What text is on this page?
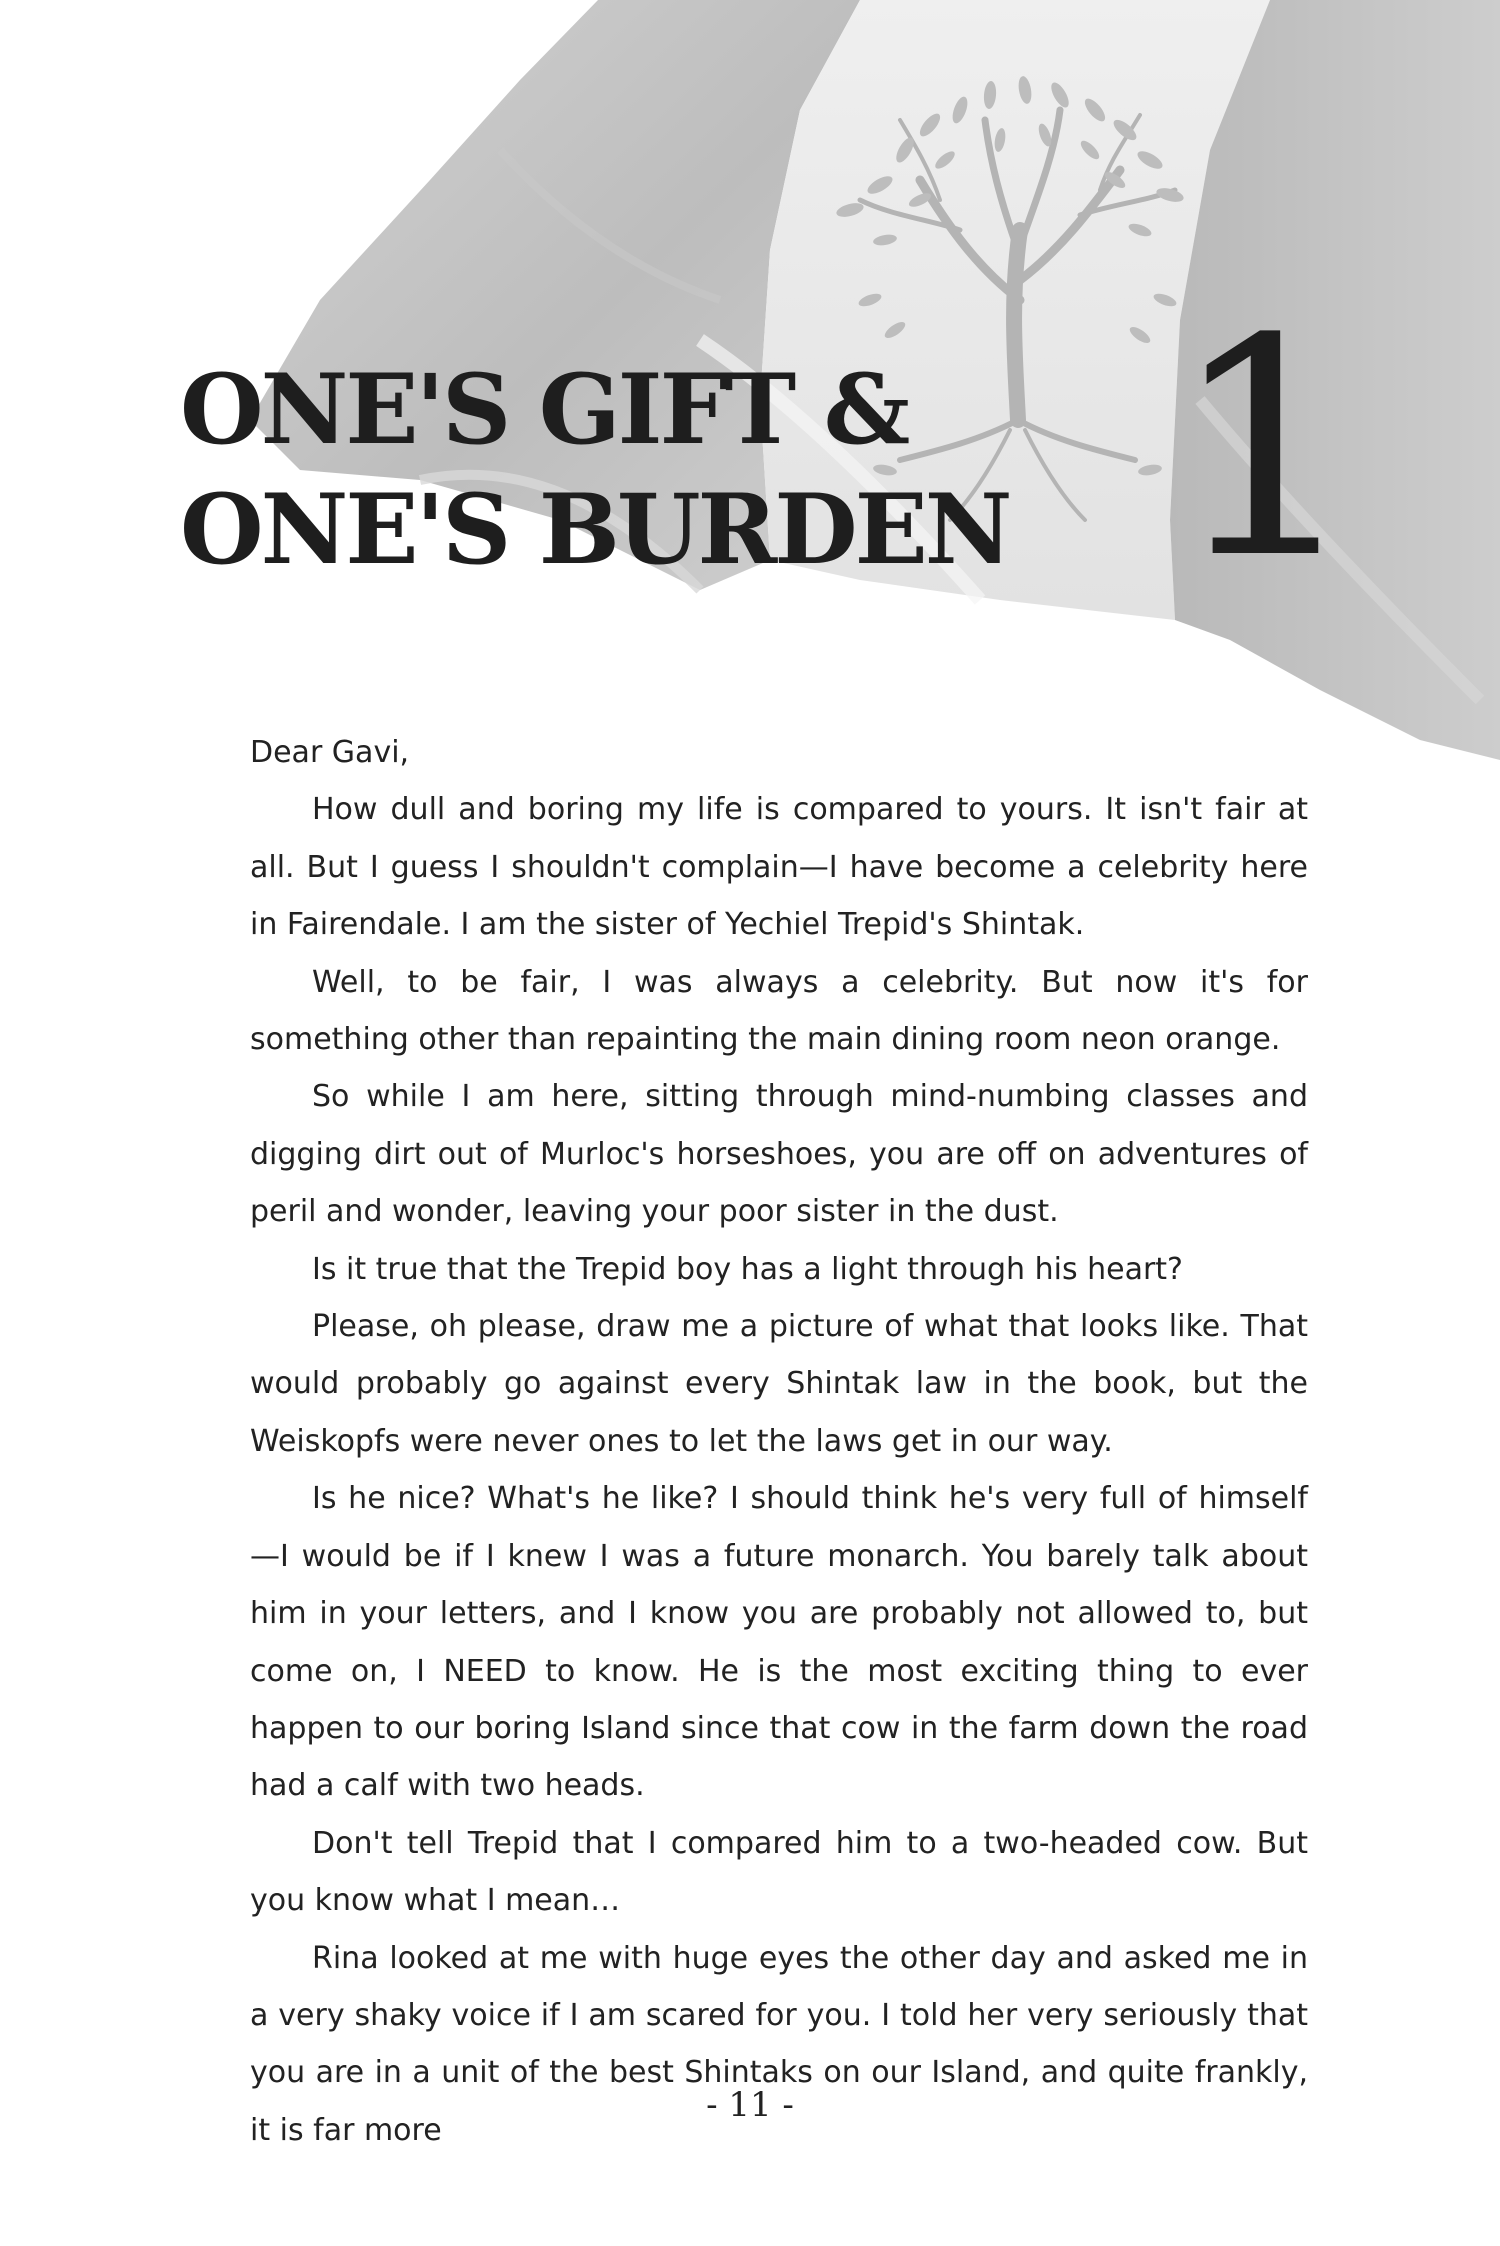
ONE'S GIFT &
ONE'S BURDEN 1

Dear Gavi,

How dull and boring my life is compared to yours. It isn't fair at all. But I guess I shouldn't complain—I have become a celebrity here in Fairendale. I am the sister of Yechiel Trepid's Shintak.

Well, to be fair, I was always a celebrity. But now it's for something other than repainting the main dining room neon orange.

So while I am here, sitting through mind-numbing classes and digging dirt out of Murloc's horseshoes, you are off on adventures of peril and wonder, leaving your poor sister in the dust.

Is it true that the Trepid boy has a light through his heart?

Please, oh please, draw me a picture of what that looks like. That would probably go against every Shintak law in the book, but the Weiskopfs were never ones to let the laws get in our way.

Is he nice? What's he like? I should think he's very full of himself—I would be if I knew I was a future monarch. You barely talk about him in your letters, and I know you are probably not allowed to, but come on, I NEED to know. He is the most exciting thing to ever happen to our boring Island since that cow in the farm down the road had a calf with two heads.

Don't tell Trepid that I compared him to a two-headed cow. But you know what I mean…

Rina looked at me with huge eyes the other day and asked me in a very shaky voice if I am scared for you. I told her very seriously that you are in a unit of the best Shintaks on our Island, and quite frankly, it is far more

- 11 -
